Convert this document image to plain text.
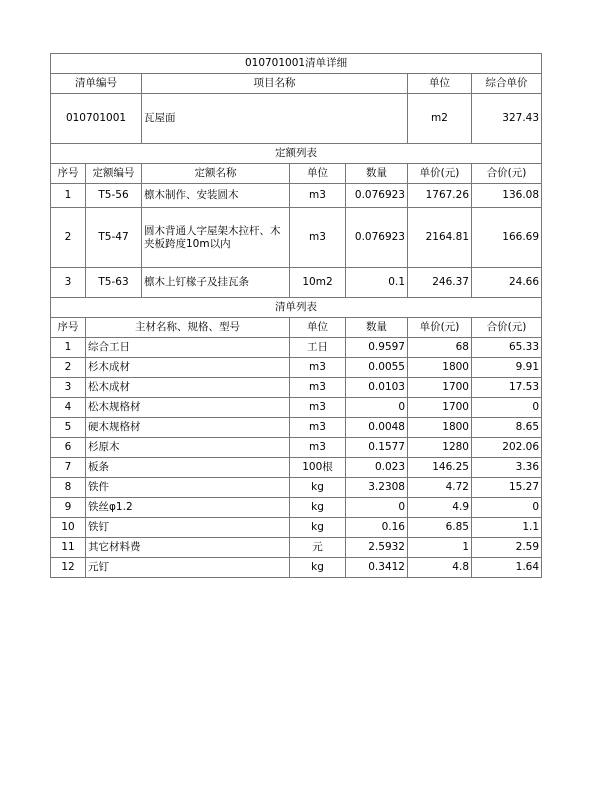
010701001清单详细						
清单编号		项目名称			单位	综合单价
010701001		瓦屋面			m2	327.43
定额列表						
序号	定额编号	定额名称	单位	数量	单价(元)	合价(元)
1	T5-56	檩木制作、安装圆木	m3	0.076923	1767.26	136.08
2	T5-47	圆木背通人字屋架木拉杆、木夹板跨度10m以内	m3	0.076923	2164.81	166.69
3	T5-63	檩木上钉椽子及挂瓦条	10m2	0.1	246.37	24.66
清单列表						
序号	主材名称、规格、型号		单位	数量	单价(元)	合价(元)
1	综合工日		工日	0.9597	68	65.33
2	杉木成材		m3	0.0055	1800	9.91
3	松木成材		m3	0.0103	1700	17.53
4	松木规格材		m3	0	1700	0
5	硬木规格材		m3	0.0048	1800	8.65
6	杉原木		m3	0.1577	1280	202.06
7	板条		100根	0.023	146.25	3.36
8	铁件		kg	3.2308	4.72	15.27
9	铁丝φ1.2		kg	0	4.9	0
10	铁钉		kg	0.16	6.85	1.1
11	其它材料费		元	2.5932	1	2.59
12	元钉		kg	0.3412	4.8	1.64
